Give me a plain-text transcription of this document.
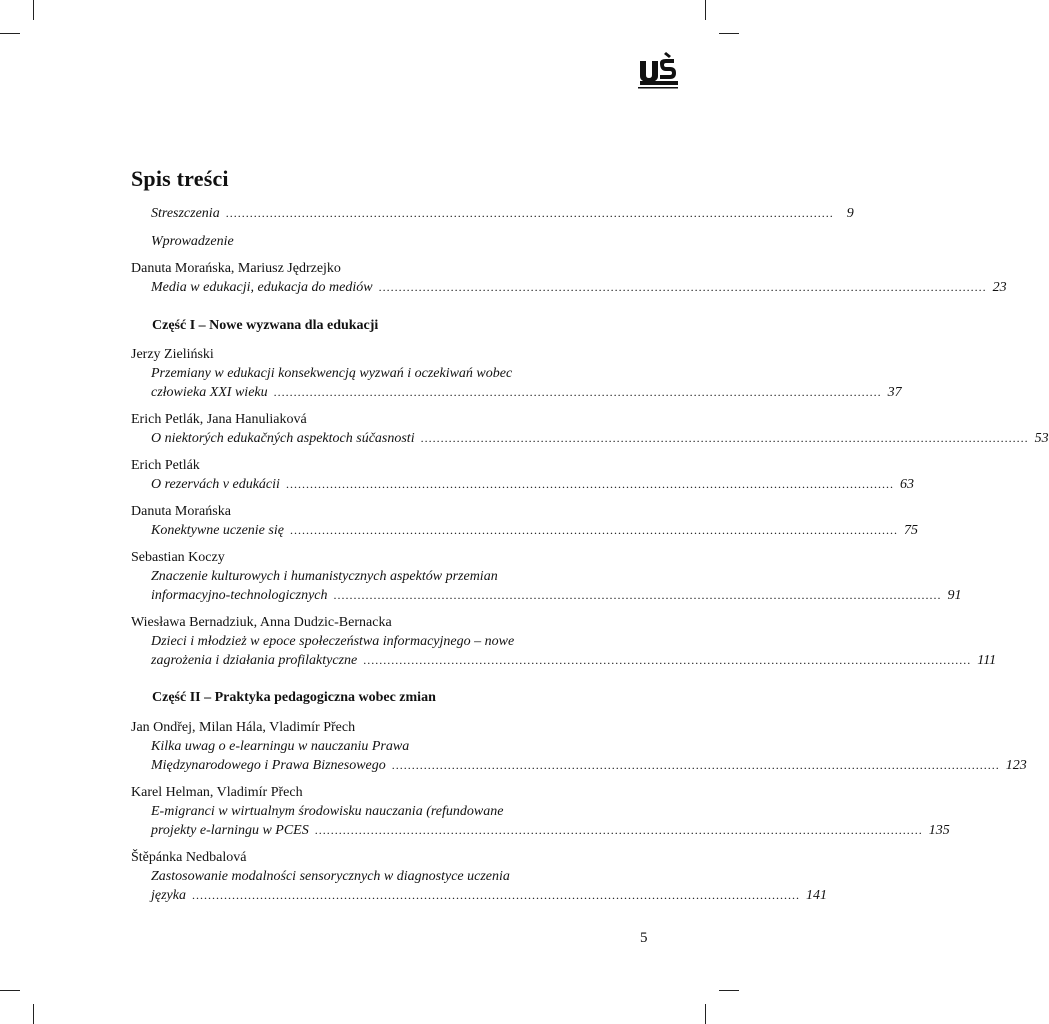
Spis treści
Streszczenia ........................................................................................................................................................ 9
Wprowadzenie
Danuta Morańska, Mariusz Jędrzejko
Media w edukacji, edukacja do mediów ........................................................................................................................................................ 23
Część I – Nowe wyzwana dla edukacji
Jerzy Zieliński
Przemiany w edukacji konsekwencją wyzwań i oczekiwań wobec
człowieka XXI wieku ........................................................................................................................................................ 37
Erich Petlák, Jana Hanuliaková
O niektorých edukačných aspektoch súčasnosti ........................................................................................................................................................ 53
Erich Petlák
O rezervách v edukácii ........................................................................................................................................................ 63
Danuta Morańska
Konektywne uczenie się ........................................................................................................................................................ 75
Sebastian Koczy
Znaczenie kulturowych i humanistycznych aspektów przemian
informacyjno-technologicznych ........................................................................................................................................................ 91
Wiesława Bernadziuk, Anna Dudzic-Bernacka
Dzieci i młodzież w epoce społeczeństwa informacyjnego – nowe
zagrożenia i działania profilaktyczne ........................................................................................................................................................ 111
Część II – Praktyka pedagogiczna wobec zmian
Jan Ondřej, Milan Hála, Vladimír Přech
Kilka uwag o e-learningu w nauczaniu Prawa
Międzynarodowego i Prawa Biznesowego ........................................................................................................................................................ 123
Karel Helman, Vladimír Přech
E-migranci w wirtualnym środowisku nauczania (refundowane
projekty e-larningu w PCES ........................................................................................................................................................ 135
Štěpánka Nedbalová
Zastosowanie modalności sensorycznych w diagnostyce uczenia
języka ........................................................................................................................................................ 141
5
